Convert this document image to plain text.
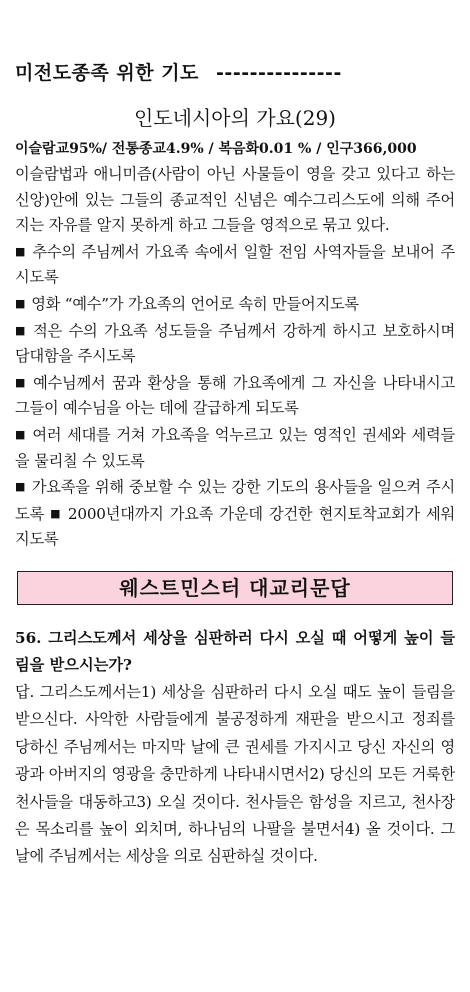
미전도종족 위한 기도 ---------------
인도네시아의 가요(29)
이슬람교95%/ 전통종교4.9% / 복음화0.01 % / 인구366,000
이슬람법과 애니미즘(사람이 아닌 사물들이 영을 갖고 있다고 하는 신앙)안에 있는 그들의 종교적인 신념은 예수그리스도에 의해 주어지는 자유를 알지 못하게 하고 그들을 영적으로 묶고 있다.
■ 추수의 주님께서 가요족 속에서 일할 전임 사역자들을 보내어 주시도록
■ 영화 “예수”가 가요족의 언어로 속히 만들어지도록
■ 적은 수의 가요족 성도들을 주님께서 강하게 하시고 보호하시며 담대함을 주시도록
■ 예수님께서 꿈과 환상을 통해 가요족에게 그 자신을 나타내시고 그들이 예수님을 아는 데에 갈급하게 되도록
■ 여러 세대를 거쳐 가요족을 억누르고 있는 영적인 권세와 세력들을 물리칠 수 있도록
■ 가요족을 위해 중보할 수 있는 강한 기도의 용사들을 일으켜 주시도록 ■ 2000년대까지 가요족 가운데 강건한 현지토착교회가 세워지도록
웨스트민스터 대교리문답
56. 그리스도께서 세상을 심판하러 다시 오실 때 어떻게 높이 들림을 받으시는가?
답. 그리스도께서는1) 세상을 심판하러 다시 오실 때도 높이 들림을 받으신다. 사악한 사람들에게 불공정하게 재판을 받으시고 정죄를 당하신 주님께서는 마지막 날에 큰 권세를 가지시고 당신 자신의 영광과 아버지의 영광을 충만하게 나타내시면서2) 당신의 모든 거룩한 천사들을 대동하고3) 오실 것이다. 천사들은 함성을 지르고, 천사장은 목소리를 높이 외치며, 하나님의 나팔을 불면서4) 올 것이다. 그 날에 주님께서는 세상을 의로 심판하실 것이다.
